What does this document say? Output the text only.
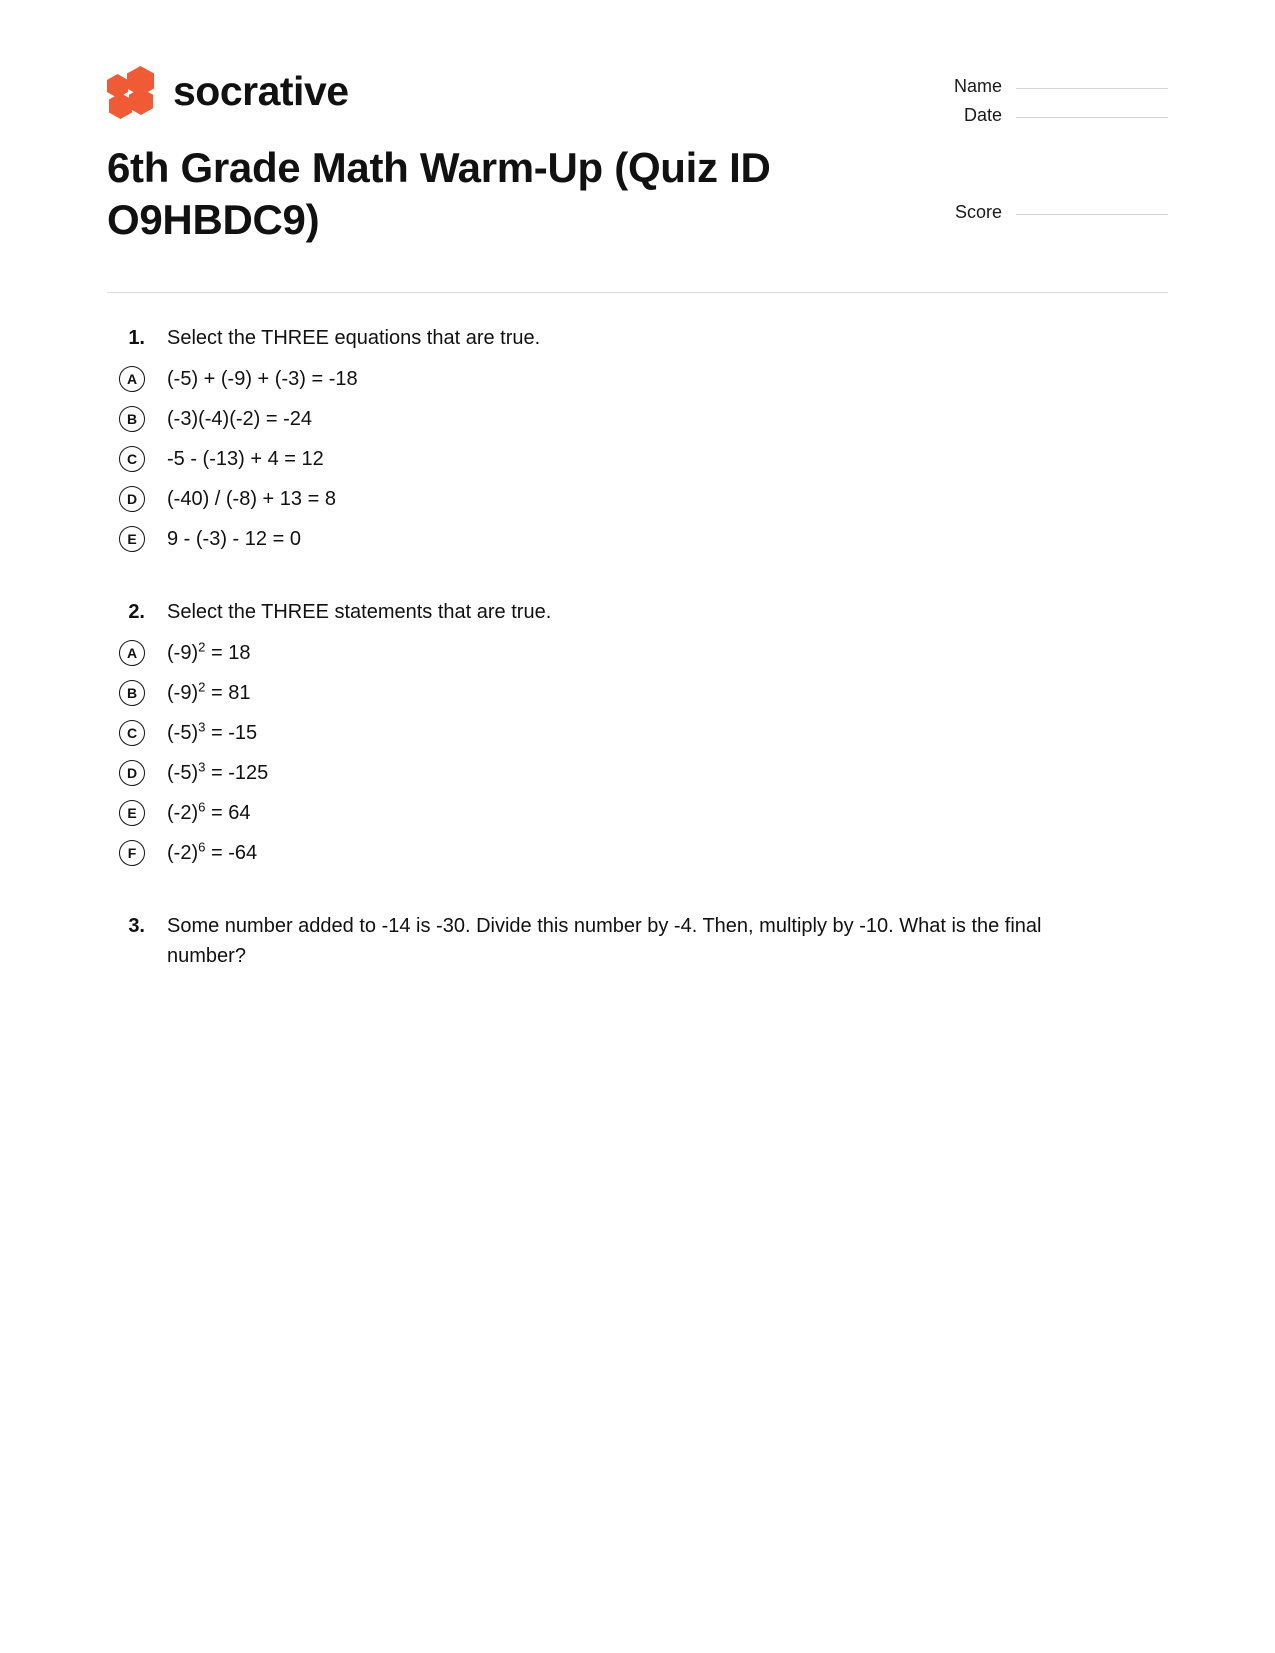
socrative
6th Grade Math Warm-Up (Quiz ID O9HBDC9)
Name
Date
Score
1.	Select the THREE equations that are true.
A	(-5) + (-9) + (-3) = -18
B	(-3)(-4)(-2) = -24
C	-5 - (-13) + 4 = 12
D	(-40) / (-8) + 13 = 8
E	9 - (-3) - 12 = 0
2.	Select the THREE statements that are true.
A	$(-9)^2 = 18$
B	$(-9)^2 = 81$
C	$(-5)^3 = -15$
D	$(-5)^3 = -125$
E	$(-2)^6 = 64$
F	$(-2)^6 = -64$
3.	Some number added to -14 is -30. Divide this number by -4. Then, multiply by -10. What is the final number?
